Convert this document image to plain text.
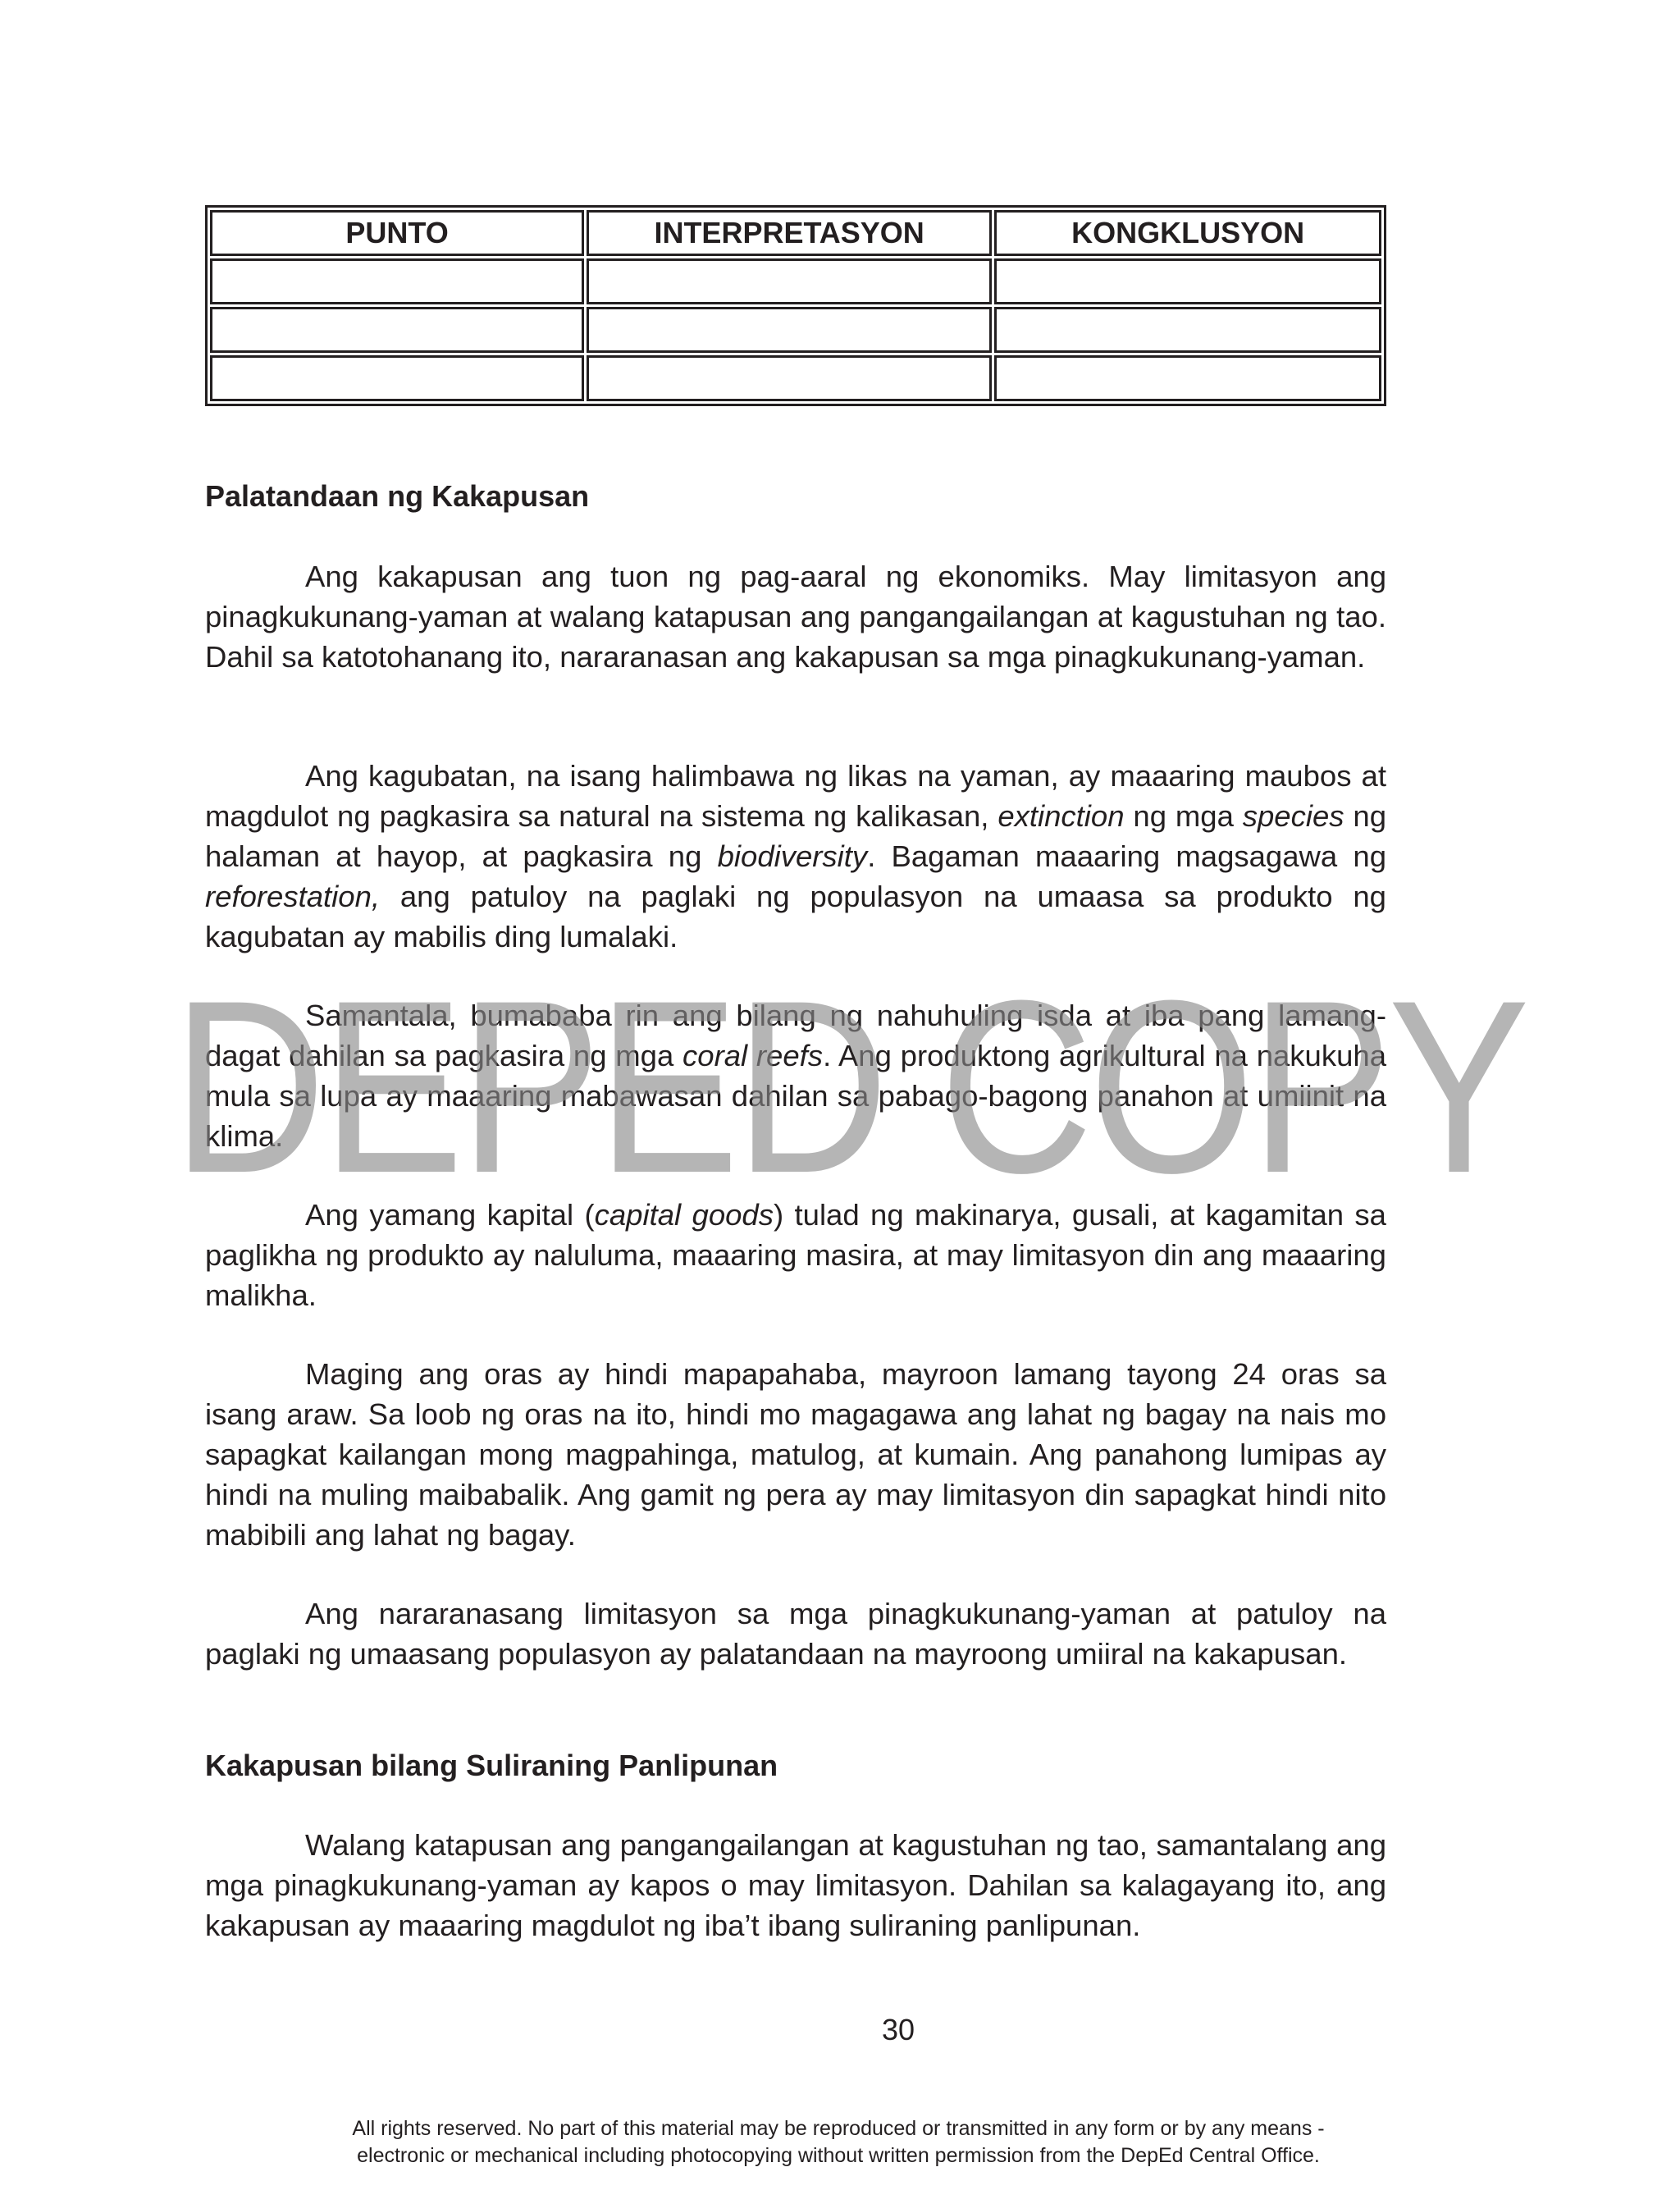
PUNTO	INTERPRETASYON	KONGKLUSYON

Palatandaan ng Kakapusan

Ang kakapusan ang tuon ng pag-aaral ng ekonomiks. May limitasyon ang pinagkukunang-yaman at walang katapusan ang pangangailangan at kagustuhan ng tao. Dahil sa katotohanang ito, nararanasan ang kakapusan sa mga pinagkukunang-yaman.

Ang kagubatan, na isang halimbawa ng likas na yaman, ay maaaring maubos at magdulot ng pagkasira sa natural na sistema ng kalikasan, extinction ng mga species ng halaman at hayop, at pagkasira ng biodiversity. Bagaman maaaring magsagawa ng reforestation, ang patuloy na paglaki ng populasyon na umaasa sa produkto ng kagubatan ay mabilis ding lumalaki.

Samantala, bumababa rin ang bilang ng nahuhuling isda at iba pang lamang-dagat dahilan sa pagkasira ng mga coral reefs. Ang produktong agrikultural na nakukuha mula sa lupa ay maaaring mabawasan dahilan sa pabago-bagong panahon at umiinit na klima.

Ang yamang kapital (capital goods) tulad ng makinarya, gusali, at kagamitan sa paglikha ng produkto ay naluluma, maaaring masira, at may limitasyon din ang maaaring malikha.

Maging ang oras ay hindi mapapahaba, mayroon lamang tayong 24 oras sa isang araw. Sa loob ng oras na ito, hindi mo magagawa ang lahat ng bagay na nais mo sapagkat kailangan mong magpahinga, matulog, at kumain. Ang panahong lumipas ay hindi na muling maibabalik. Ang gamit ng pera ay may limitasyon din sapagkat hindi nito mabibili ang lahat ng bagay.

Ang nararanasang limitasyon sa mga pinagkukunang-yaman at patuloy na paglaki ng umaasang populasyon ay palatandaan na mayroong umiiral na kakapusan.

Kakapusan bilang Suliraning Panlipunan

Walang katapusan ang pangangailangan at kagustuhan ng tao, samantalang ang mga pinagkukunang-yaman ay kapos o may limitasyon. Dahilan sa kalagayang ito, ang kakapusan ay maaaring magdulot ng iba’t ibang suliraning panlipunan.

DEPED COPY

30

All rights reserved. No part of this material may be reproduced or transmitted in any form or by any means -
electronic or mechanical including photocopying without written permission from the DepEd Central Office.
